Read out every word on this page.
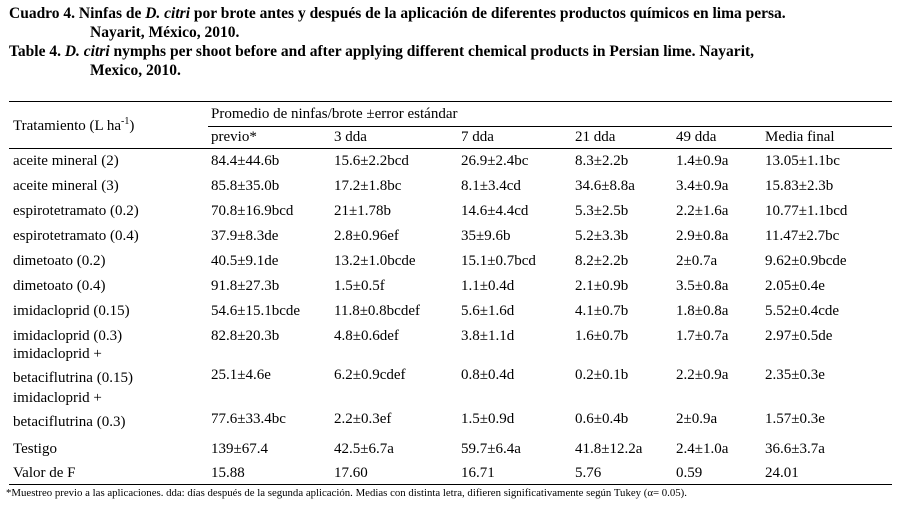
Cuadro 4. Ninfas de D. citri por brote antes y después de la aplicación de diferentes productos químicos en lima persa.
Nayarit, México, 2010.
Table 4. D. citri nymphs per shoot before and after applying different chemical products in Persian lime. Nayarit,
Mexico, 2010.
Tratamiento (L $ha^{-1}$)
Promedio de ninfas/brote ±error estándar
previo*	3 dda	7 dda	21 dda	49 dda	Media final
aceite mineral (2)	84.4±44.6b	15.6±2.2bcd	26.9±2.4bc	8.3±2.2b	1.4±0.9a 13.05±1.1bc
aceite mineral (3)	85.8±35.0b	17.2±1.8bc	8.1±3.4cd	34.6±8.8a	3.4±0.9a 15.83±2.3b
espirotetramato (0.2)	70.8±16.9bcd	21±1.78b	14.6±4.4cd	5.3±2.5b	2.2±1.6a 10.77±1.1bcd
espirotetramato (0.4)	37.9±8.3de	2.8±0.96ef	35±9.6b	5.2±3.3b	2.9±0.8a 11.47±2.7bc
dimetoato (0.2)	40.5±9.1de	13.2±1.0bcde	15.1±0.7bcd	8.2±2.2b	2±0.7a	9.62±0.9bcde
dimetoato (0.4)	91.8±27.3b	1.5±0.5f	1.1±0.4d	2.1±0.9b	3.5±0.8a 2.05±0.4e
imidacloprid (0.15)	54.6±15.1bcde 11.8±0.8bcdef	5.6±1.6d	4.1±0.7b	1.8±0.8a 5.52±0.4cde
imidacloprid (0.3)	82.8±20.3b	4.8±0.6def	3.8±1.1d	1.6±0.7b	1.7±0.7a 2.97±0.5de
imidacloprid +
betaciflutrina (0.15)	25.1±4.6e	6.2±0.9cdef	0.8±0.4d	0.2±0.1b	2.2±0.9a 2.35±0.3e
imidacloprid +
betaciflutrina (0.3)	77.6±33.4bc	2.2±0.3ef	1.5±0.9d	0.6±0.4b	2±0.9a	1.57±0.3e
Testigo	139±67.4	42.5±6.7a	59.7±6.4a	41.8±12.2a 2.4±1.0a 36.6±3.7a
Valor de F	15.88	17.60	16.71	5.76	0.59	24.01
*Muestreo previo a las aplicaciones. dda: días después de la segunda aplicación. Medias con distinta letra, difieren significativamente según Tukey (α= 0.05).
